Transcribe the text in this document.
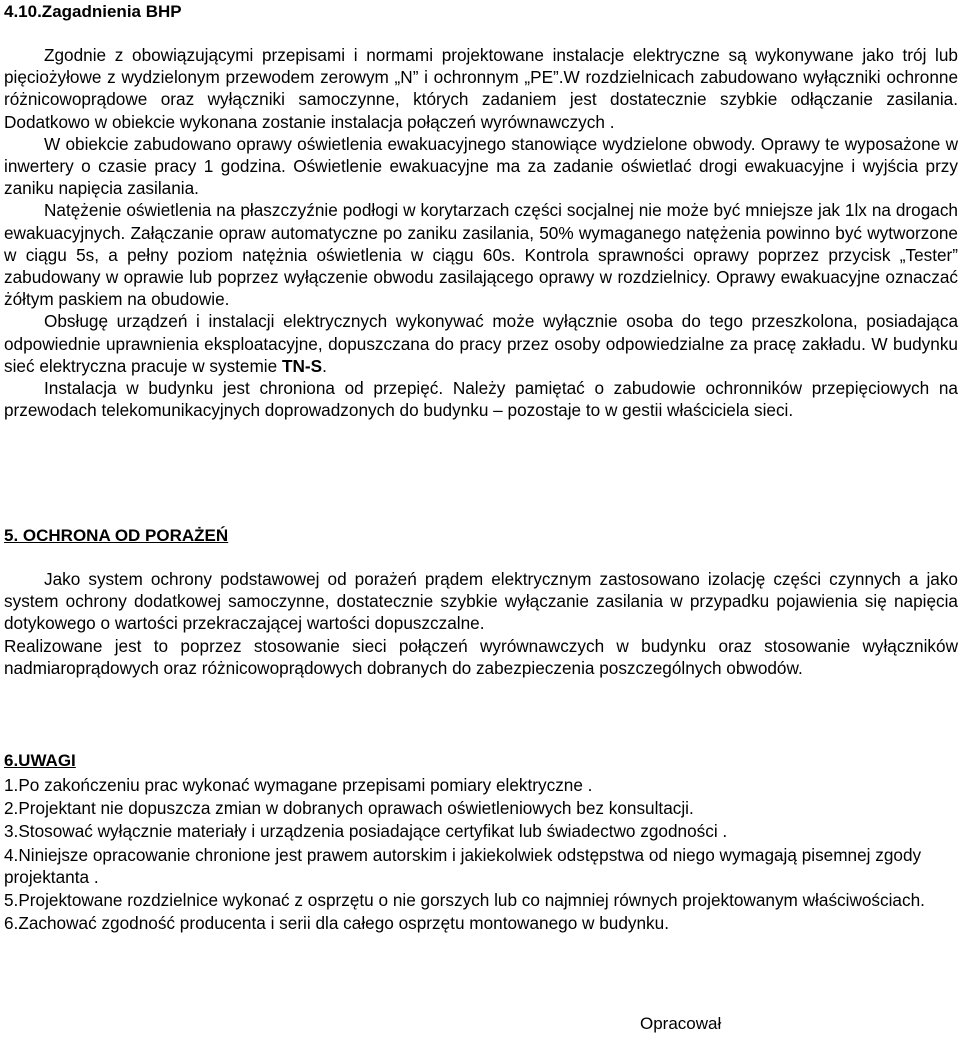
4.10.Zagadnienia BHP

Zgodnie z obowiązującymi przepisami i normami projektowane instalacje elektryczne są wykonywane jako trój lub pięciożyłowe z wydzielonym przewodem zerowym „N” i ochronnym „PE”.W rozdzielnicach zabudowano wyłączniki ochronne różnicowoprądowe oraz wyłączniki samoczynne, których zadaniem jest dostatecznie szybkie odłączanie zasilania. Dodatkowo w obiekcie wykonana zostanie instalacja połączeń wyrównawczych .

W obiekcie zabudowano oprawy oświetlenia ewakuacyjnego stanowiące wydzielone obwody. Oprawy te wyposażone w inwertery o czasie pracy 1 godzina. Oświetlenie ewakuacyjne ma za zadanie oświetlać drogi ewakuacyjne i wyjścia przy zaniku napięcia zasilania.

Natężenie oświetlenia na płaszczyźnie podłogi w korytarzach części socjalnej nie może być mniejsze jak 1lx na drogach ewakuacyjnych. Załączanie opraw automatyczne po zaniku zasilania, 50% wymaganego natężenia powinno być wytworzone w ciągu 5s, a pełny poziom natężnia oświetlenia w ciągu 60s. Kontrola sprawności oprawy poprzez przycisk „Tester” zabudowany w oprawie lub poprzez wyłączenie obwodu zasilającego oprawy w rozdzielnicy. Oprawy ewakuacyjne oznaczać żółtym paskiem na obudowie.

Obsługę urządzeń i instalacji elektrycznych wykonywać może wyłącznie osoba do tego przeszkolona, posiadająca odpowiednie uprawnienia eksploatacyjne, dopuszczana do pracy przez osoby odpowiedzialne za pracę zakładu. W budynku sieć elektryczna pracuje w systemie TN-S.

Instalacja w budynku jest chroniona od przepięć. Należy pamiętać o zabudowie ochronników przepięciowych na przewodach telekomunikacyjnych doprowadzonych do budynku – pozostaje to w gestii właściciela sieci.

5. OCHRONA OD PORAŻEŃ

Jako system ochrony podstawowej od porażeń prądem elektrycznym zastosowano izolację części czynnych a jako system ochrony dodatkowej samoczynne, dostatecznie szybkie wyłączanie zasilania w przypadku pojawienia się napięcia dotykowego o wartości przekraczającej wartości dopuszczalne.

Realizowane jest to poprzez stosowanie sieci połączeń wyrównawczych w budynku oraz stosowanie wyłączników nadmiaroprądowych oraz różnicowoprądowych dobranych do zabezpieczenia poszczególnych obwodów.

6.UWAGI

1.Po zakończeniu prac wykonać wymagane przepisami pomiary elektryczne .

2.Projektant nie dopuszcza zmian w dobranych oprawach oświetleniowych bez konsultacji.

3.Stosować wyłącznie materiały i urządzenia posiadające certyfikat lub świadectwo zgodności .

4.Niniejsze opracowanie chronione jest prawem autorskim i jakiekolwiek odstępstwa od niego wymagają pisemnej zgody projektanta .

5.Projektowane rozdzielnice wykonać z osprzętu o nie gorszych lub co najmniej równych projektowanym właściwościach.

6.Zachować zgodność producenta i serii dla całego osprzętu montowanego w budynku.

Opracował
